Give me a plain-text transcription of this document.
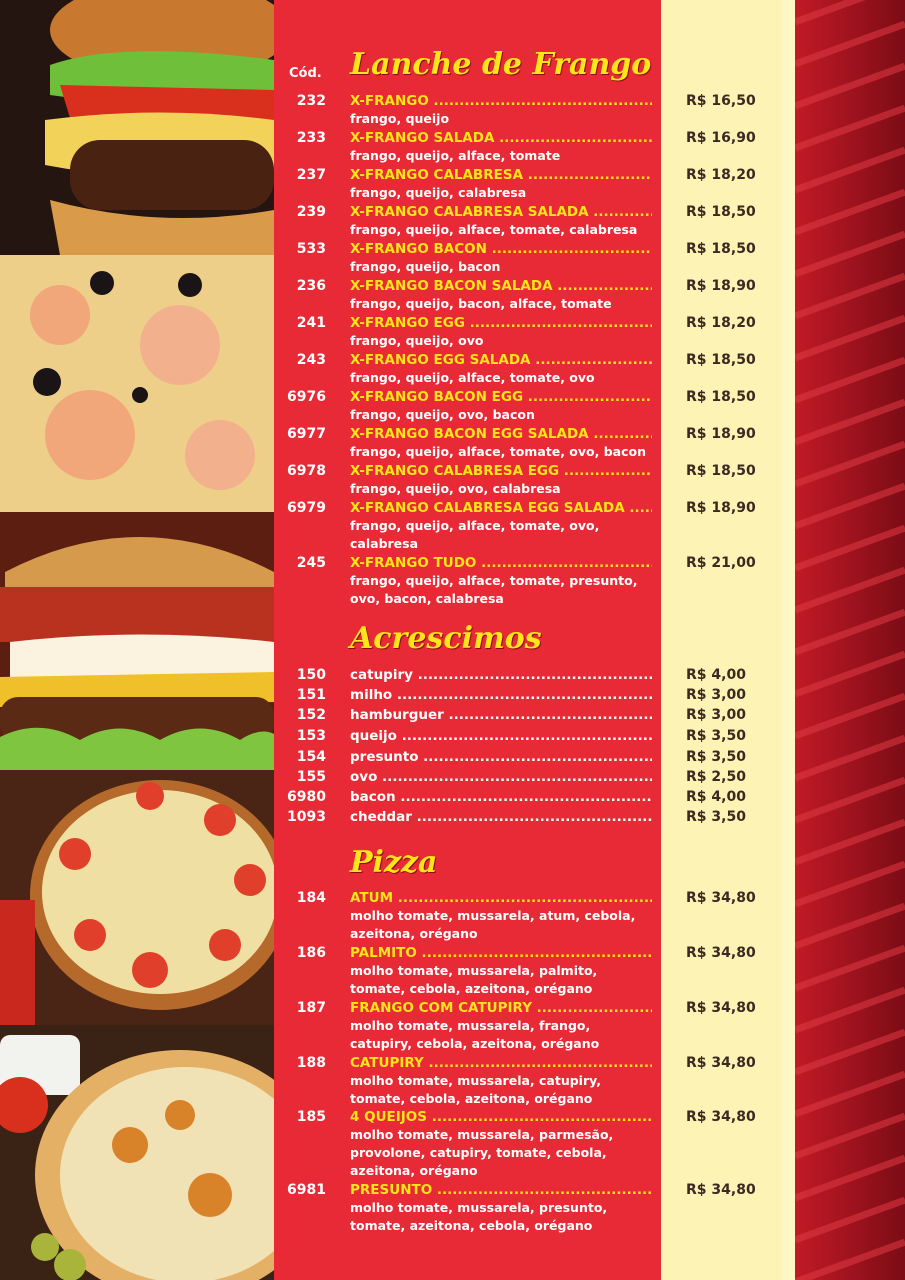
Cód. Lanche de Frango
232 X-FRANGO .....	R$ 16,50
frango, queijo
233 X-FRANGO SALADA .....	R$ 16,90
frango, queijo, alface, tomate
237 X-FRANGO CALABRESA .....	R$ 18,20
frango, queijo, calabresa
239 X-FRANGO CALABRESA SALADA .....	R$ 18,50
frango, queijo, alface, tomate, calabresa
533 X-FRANGO BACON .....	R$ 18,50
frango, queijo, bacon
236 X-FRANGO BACON SALADA .....	R$ 18,90
frango, queijo, bacon, alface, tomate
241 X-FRANGO EGG .....	R$ 18,20
frango, queijo, ovo
243 X-FRANGO EGG SALADA .....	R$ 18,50
frango, queijo, alface, tomate, ovo
6976 X-FRANGO BACON EGG .....	R$ 18,50
frango, queijo, ovo, bacon
6977 X-FRANGO BACON EGG SALADA .....	R$ 18,90
frango, queijo, alface, tomate, ovo, bacon
6978 X-FRANGO CALABRESA EGG .....	R$ 18,50
frango, queijo, ovo, calabresa
6979 X-FRANGO CALABRESA EGG SALADA .....	R$ 18,90
frango, queijo, alface, tomate, ovo, calabresa
245 X-FRANGO TUDO .....	R$ 21,00
frango, queijo, alface, tomate, presunto, ovo, bacon, calabresa
Acrescimos
150 catupiry .....	R$ 4,00
151 milho .....	R$ 3,00
152 hamburguer .....	R$ 3,00
153 queijo .....	R$ 3,50
154 presunto .....	R$ 3,50
155 ovo .....	R$ 2,50
6980 bacon .....	R$ 4,00
1093 cheddar .....	R$ 3,50
Pizza
184 ATUM .....	R$ 34,80
molho tomate, mussarela, atum, cebola, azeitona, orégano
186 PALMITO .....	R$ 34,80
molho tomate, mussarela, palmito, tomate, cebola, azeitona, orégano
187 FRANGO COM CATUPIRY .....	R$ 34,80
molho tomate, mussarela, frango, catupiry, cebola, azeitona, orégano
188 CATUPIRY .....	R$ 34,80
molho tomate, mussarela, catupiry, tomate, cebola, azeitona, orégano
185 4 QUEIJOS .....	R$ 34,80
molho tomate, mussarela, parmesão, provolone, catupiry, tomate, cebola, azeitona, orégano
6981 PRESUNTO .....	R$ 34,80
molho tomate, mussarela, presunto, tomate, azeitona, cebola, orégano
